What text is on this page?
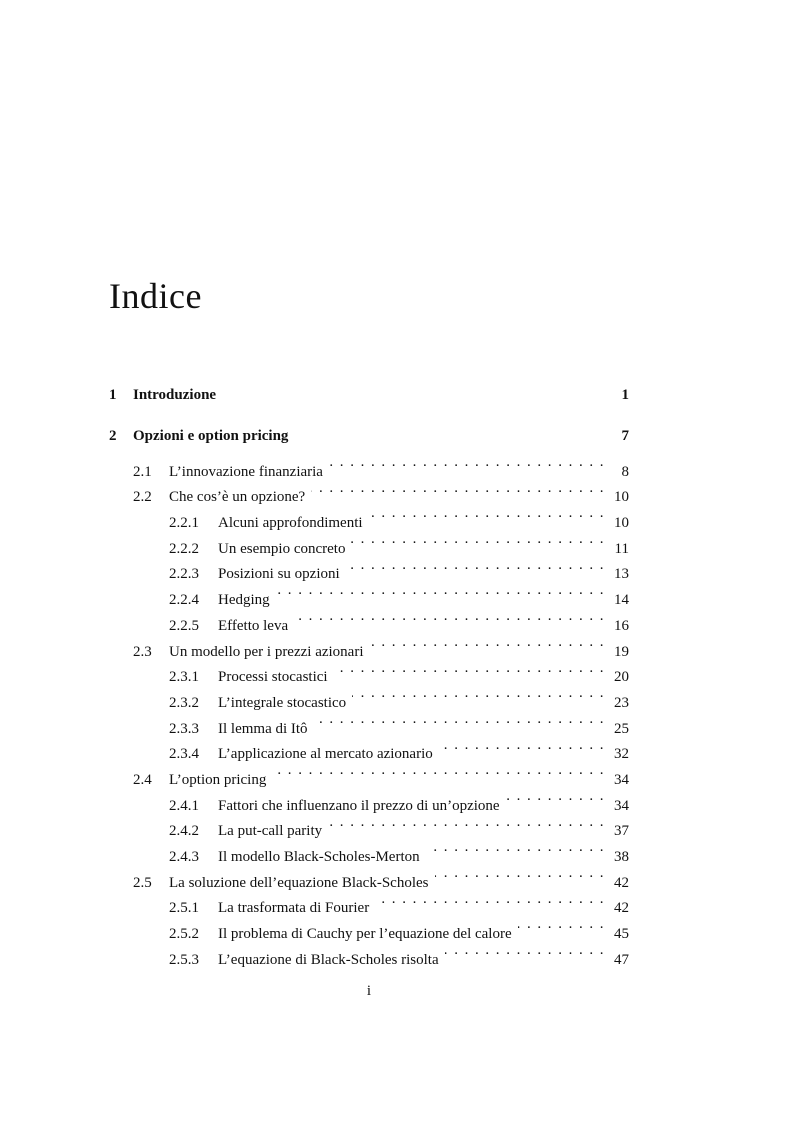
Indice
1	Introduzione	1
2	Opzioni e option pricing	7
2.1	L’innovazione finanziaria . . .	8
2.2	Che cos’è un opzione? . . .	10
2.2.1	Alcuni approfondimenti . . .	10
2.2.2	Un esempio concreto . . .	11
2.2.3	Posizioni su opzioni . . .	13
2.2.4	Hedging . . .	14
2.2.5	Effetto leva . . .	16
2.3	Un modello per i prezzi azionari . . .	19
2.3.1	Processi stocastici . . .	20
2.3.2	L’integrale stocastico . . .	23
2.3.3	Il lemma di Itô . . .	25
2.3.4	L’applicazione al mercato azionario . . .	32
2.4	L’option pricing . . .	34
2.4.1	Fattori che influenzano il prezzo di un’opzione . . .	34
2.4.2	La put-call parity . . .	37
2.4.3	Il modello Black-Scholes-Merton . . .	38
2.5	La soluzione dell’equazione Black-Scholes . . .	42
2.5.1	La trasformata di Fourier . . .	42
2.5.2	Il problema di Cauchy per l’equazione del calore . . .	45
2.5.3	L’equazione di Black-Scholes risolta . . .	47
i
